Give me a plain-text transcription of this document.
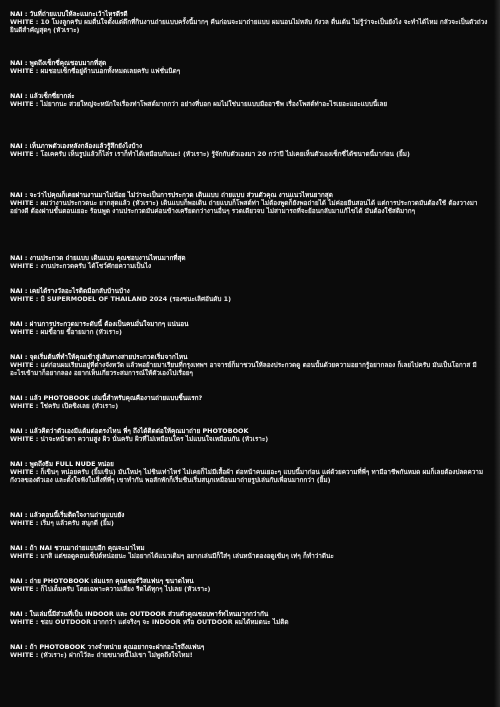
NAI : วันที่ถ่ายแบบให้ละแมกะเว้าไหรดีรดี

WHITE : 10 โมงลูกครับ ผมตื่นใจตั้งแต่ดึกที่กินงานถ่ายแบบครั้งนี้มากๆ คืนก่อนจะมาถ่ายแบบ ผมนอนไม่หลับ กังวล ตื่นเต้น ไม่รู้ว่าจะเป็นยังไง จะทำได้ไหม กลัวจะเป็นตัวถ่วง ยินดีสำคัญสุดๆ (หัวเราะ)

NAI : พูดถึงเซ็กซี่คุณชอบมากที่สุด

WHITE : ผมชอบเซ็กซี่อยู่ด้านนอกทั้งหมดเลยครับ แฟชั่นนิดๆ

NAI : แล้วเซ็กซี่ยากล่ะ

WHITE : ไม่ยากนะ สวยใหญ่จะหนักใจเรื่องท่าโพสต์มากกว่า อย่างที่บอก ผมไม่ใช่นายแบบมืออาชีพ เรื่องโพสต์ท่าอะไรเยอะแยะแบบนี้เลย

NAI : เห็นภาพตัวเองหลังกล้องแล้วรู้สึกยังไงบ้าง

WHITE : โอเคครับ เห็นรูปแล้วก็ไล่ร เราก็ทำได้เหมือนกันนะ! (หัวเราะ) รู้จักกับตัวเองมา 20 กว่าปี ไม่เคยเห็นตัวเองเซ็กซี่ได้ขนาดนี้มาก่อน (ยิ้ม)

NAI : จะว่าไปคุณก็เคยผ่านงานมาไม่น้อย ไม่ว่าจะเป็นการประกวด เดินแบบ ถ่ายแบบ ส่วนตัวคุณ งานแนวไหนยากสุด

WHITE : ผมว่างานประกวดนะ ยากสุดแล้ว (หัวเราะ) เดินแบบก็พอเดิน ถ่ายแบบก็โพสต์ท่า ไม่ต้องพูดก็ยังพอถ่ายได้ ไม่ค่อยยืนสอนได้ แต่การประกวดมันต้องใช้ ต้องวางมาอย่างดี ต้องผ่านขั้นตอนเยอะ ร้อนพูด งานประกวดมันค่อนข้างเครียดกว่างานอื่นๆ รวดเดียวจบ ไม่สามารถที่จะย้อนกลับมาแก้ไขได้ มันต้องใช้สติมากๆ

NAI : งานประกวด ถ่ายแบบ เดินแบบ คุณชอบงานไหนมากที่สุด

WHITE : งานประกวดครับ ได้โชว์ศักยความเป็นไง

NAI : เคยได้รางวัลอะไรติดมือกลับบ้านบ้าง

WHITE : มิ SUPERMODEL OF THAILAND 2024 (รองชนะเลิศอันดับ 1)

NAI : ผ่านการประกวดมาระดับนี้ ต้องเป็นคนมั่นใจมากๆ แน่นอน

WHITE : ผมขี้อาย ขี้อายมาก (หัวเราะ)

NAI : จุดเริ่มต้นที่ทำให้คุณเข้าสู่เส้นทางสายประกวดเริ่มจากไหน

WHITE : แต่ก่อนผมเรียนอยู่ที่ต่างจังหวัด แล้วพอย้ายมาเรียนที่กรุงเทพฯ อาจารย์ก็มาชวนให้ลองประกวดดู ตอนนั้นด้วยความอยากรู้อยากลอง ก็เลยไปครับ มันเป็นโอกาส มีอะไรเข้ามาก็อยากลอง อยากเห็นเกี่ยวระสมการณ์ให้ตัวเองไปเรื่อยๆ

NAI : แล้ว PHOTOBOOK เล่มนี้สำหรับคุณคืองานถ่ายแบบชิ้นแรก?

WHITE : ใช่ครับ เปิดซิงเลย (หัวเราะ)

NAI : แล้วคิดว่าตัวเองมีแต้มต่อตรงไหน พี่ๆ ถึงได้ติดต่อให้คุณมาถ่าย PHOTOBOOK

WHITE : น่าจะหน้าตา ความสูง ผิว นั่นครับ ผิวที่ไม่เหมือนใคร ไม่แบนใจเหมือนกัน (หัวเราะ)

NAI : พูดถึงธีม FULL NUDE หน่อย

WHITE : ก็เขินๆ หน่อยครับ (ยิ้มเขิน) มันใหม่ๆ ไม่ชินเท่าไหร่ ไม่เคยก็ไม่มีเสื้อผ้า ต่อหน้าคนเยอะๆ แบบนี้มาก่อน แต่ด้วยความที่พี่ๆ ทามีอาชีพกันหมด ผมก็เลยต้องปลดความกังวลของตัวเอง และตั้งใจฟังในสิ่งที่พี่ๆ เขาทำกัน พอสักพักก็เริ่มชินเริ่มสนุกเหมือนมาถ่ายรูปเล่นกับเพื่อนมากกว่า (ยิ้ม)

NAI : แล้วตอนนี้เริ่มติดใจงานถ่ายแบบยัง

WHITE : เริ่มๆ แล้วครับ สนุกดี (ยิ้ม)

NAI : ถ้า NAI ชวนมาถ่ายแบบอีก คุณจะมาไหม

WHITE : มาสิ แต่ขอดูคอนเซ็ปต์หน่อยนะ ไม่อยากได้แนวเดิมๆ อยากเล่นมีก็ใส่ๆ เล่นหน้าตองอดูเข้มๆ เท่ๆ ก็ทำว่าดีนะ

NAI : ถ่าย PHOTOBOOK เล่มแรก คุณเซอร์วิสแฟนๆ ขนาดไหน

WHITE : ก็ไปเต็มครับ โดยเฉพาะความเสี่ยง รีดได้ทุกๆ ไปเลย (หัวเราะ)

NAI : ในเล่มนี้มีส่วนที่เป็น INDOOR และ OUTDOOR ส่วนตัวคุณชอบพาร์ทไหนมากกว่ากัน

WHITE : ชอบ OUTDOOR มากกว่า แต่จริงๆ จะ INDOOR หรือ OUTDOOR ผมได้หมดนะ ไม่ติด

NAI : ถ้า PHOTOBOOK วางจำหน่าย คุณอยากจะฝากอะไรถึงแฟนๆ

WHITE : (หัวเราะ) ฝากไว้ละ ถ่ายขนาดนี้ไม่เขา ไม่พูดถึงใจไหม!
